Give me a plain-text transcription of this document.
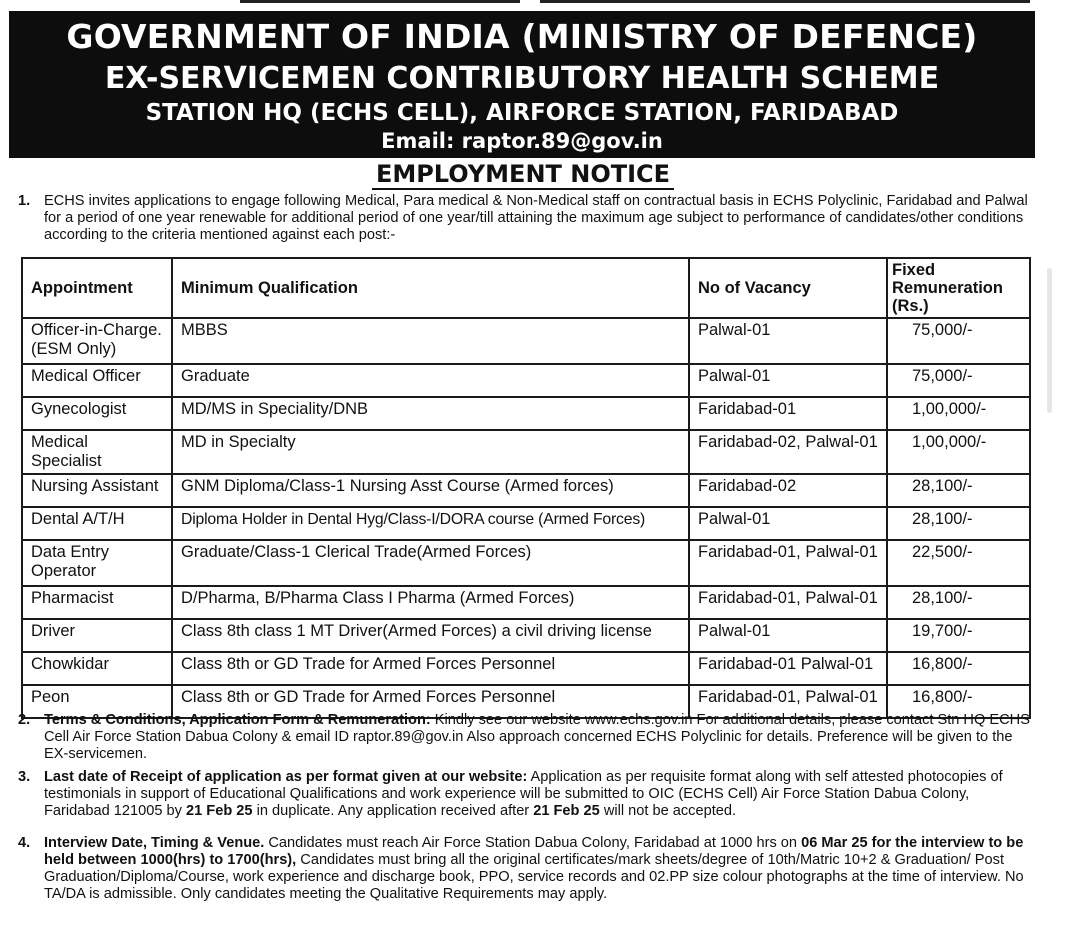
GOVERNMENT OF INDIA (MINISTRY OF DEFENCE)
EX-SERVICEMEN CONTRIBUTORY HEALTH SCHEME
STATION HQ (ECHS CELL), AIRFORCE STATION, FARIDABAD
Email: raptor.89@gov.in
EMPLOYMENT NOTICE
1. ECHS invites applications to engage following Medical, Para medical & Non-Medical staff on contractual basis in ECHS Polyclinic, Faridabad and Palwal for a period of one year renewable for additional period of one year/till attaining the maximum age subject to performance of candidates/other conditions according to the criteria mentioned against each post:-
Appointment	Minimum Qualification	No of Vacancy	Fixed
Remuneration (Rs.)
Officer-in-Charge. (ESM Only)	MBBS	Palwal-01	75,000/-
Medical Officer	Graduate	Palwal-01	75,000/-
Gynecologist	MD/MS in Speciality/DNB	Faridabad-01	1,00,000/-
Medical Specialist	MD in Specialty	Faridabad-02, Palwal-01	1,00,000/-
Nursing Assistant	GNM Diploma/Class-1 Nursing Asst Course (Armed forces)	Faridabad-02	28,100/-
Dental A/T/H	Diploma Holder in Dental Hyg/Class-I/DORA course (Armed Forces)	Palwal-01	28,100/-
Data Entry Operator	Graduate/Class-1 Clerical Trade(Armed Forces)	Faridabad-01, Palwal-01	22,500/-
Pharmacist	D/Pharma, B/Pharma Class I Pharma (Armed Forces)	Faridabad-01, Palwal-01	28,100/-
Driver	Class 8th class 1 MT Driver(Armed Forces) a civil driving license	Palwal-01	19,700/-
Chowkidar	Class 8th or GD Trade for Armed Forces Personnel	Faridabad-01 Palwal-01	16,800/-
Peon	Class 8th or GD Trade for Armed Forces Personnel	Faridabad-01, Palwal-01	16,800/-
2. Terms & Conditions, Application Form & Remuneration: Kindly see our website www.echs.gov.in For additional details, please contact Stn HQ ECHS Cell Air Force Station Dabua Colony & email ID raptor.89@gov.in Also approach concerned ECHS Polyclinic for details. Preference will be given to the EX-servicemen.
3. Last date of Receipt of application as per format given at our website: Application as per requisite format along with self attested photocopies of testimonials in support of Educational Qualifications and work experience will be submitted to OIC (ECHS Cell) Air Force Station Dabua Colony, Faridabad 121005 by 21 Feb 25 in duplicate. Any application received after 21 Feb 25 will not be accepted.
4. Interview Date, Timing & Venue. Candidates must reach Air Force Station Dabua Colony, Faridabad at 1000 hrs on 06 Mar 25 for the interview to be held between 1000(hrs) to 1700(hrs), Candidates must bring all the original certificates/mark sheets/degree of 10th/Matric 10+2 & Graduation/ Post Graduation/Diploma/Course, work experience and discharge book, PPO, service records and 02.PP size colour photographs at the time of interview. No TA/DA is admissible. Only candidates meeting the Qualitative Requirements may apply.
